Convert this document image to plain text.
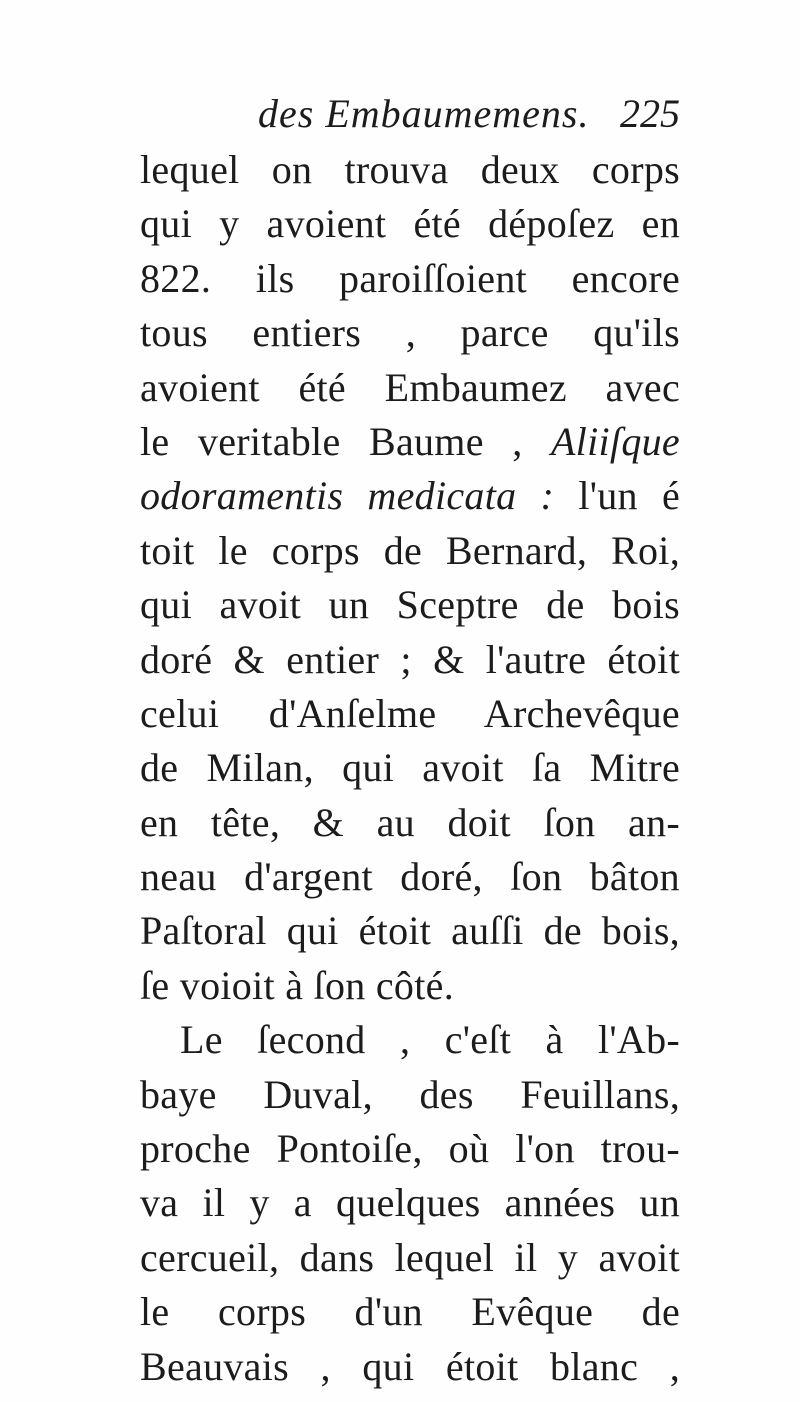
des Embaumemens. 225
lequel on trouva deux corps
qui y avoient été dépoſez en
822. ils paroiſſoient encore
tous entiers , parce qu'ils
avoient été Embaumez avec
le veritable Baume , Aliiſque
odoramentis medicata : l'un é
toit le corps de Bernard, Roi,
qui avoit un Sceptre de bois
doré & entier ; & l'autre étoit
celui d'Anſelme Archevêque
de Milan, qui avoit ſa Mitre
en tête, & au doit ſon an-
neau d'argent doré, ſon bâton
Paſtoral qui étoit auſſi de bois,
ſe voioit à ſon côté.
Le ſecond , c'eſt à l'Ab-
baye Duval, des Feuillans,
proche Pontoiſe, où l'on trou-
va il y a quelques années un
cercueil, dans lequel il y avoit
le corps d'un Evêque de
Beauvais , qui étoit blanc ,
